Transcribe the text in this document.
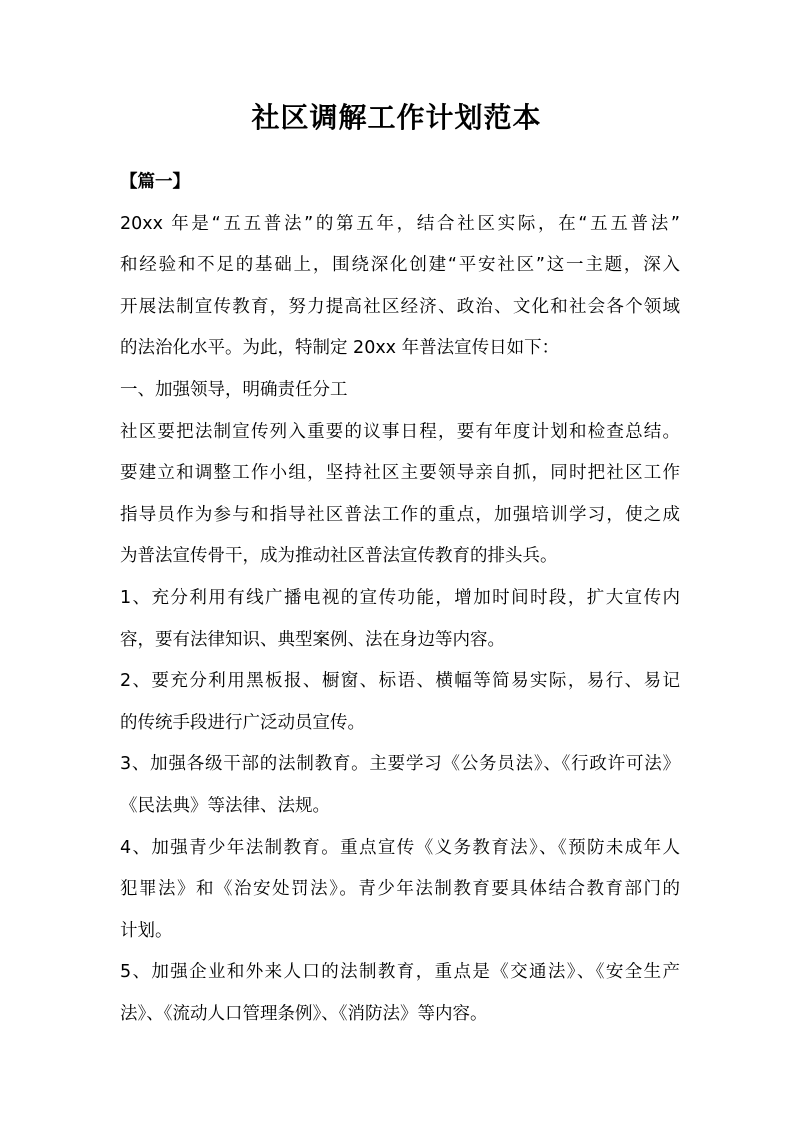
社区调解工作计划范本
【篇一】
20xx 年是“五五普法”的第五年，结合社区实际，在“五五普法”
和经验和不足的基础上，围绕深化创建“平安社区”这一主题，深入
开展法制宣传教育，努力提高社区经济、政治、文化和社会各个领域
的法治化水平。为此，特制定 20xx 年普法宣传日如下：
一、加强领导，明确责任分工
社区要把法制宣传列入重要的议事日程，要有年度计划和检查总结。
要建立和调整工作小组，坚持社区主要领导亲自抓，同时把社区工作
指导员作为参与和指导社区普法工作的重点，加强培训学习，使之成
为普法宣传骨干，成为推动社区普法宣传教育的排头兵。
1、充分利用有线广播电视的宣传功能，增加时间时段，扩大宣传内
容，要有法律知识、典型案例、法在身边等内容。
2、要充分利用黑板报、橱窗、标语、横幅等简易实际，易行、易记
的传统手段进行广泛动员宣传。
3、加强各级干部的法制教育。主要学习《公务员法》、《行政许可法》
《民法典》等法律、法规。
4、加强青少年法制教育。重点宣传《义务教育法》、《预防未成年人
犯罪法》和《治安处罚法》。青少年法制教育要具体结合教育部门的
计划。
5、加强企业和外来人口的法制教育，重点是《交通法》、《安全生产
法》、《流动人口管理条例》、《消防法》等内容。
